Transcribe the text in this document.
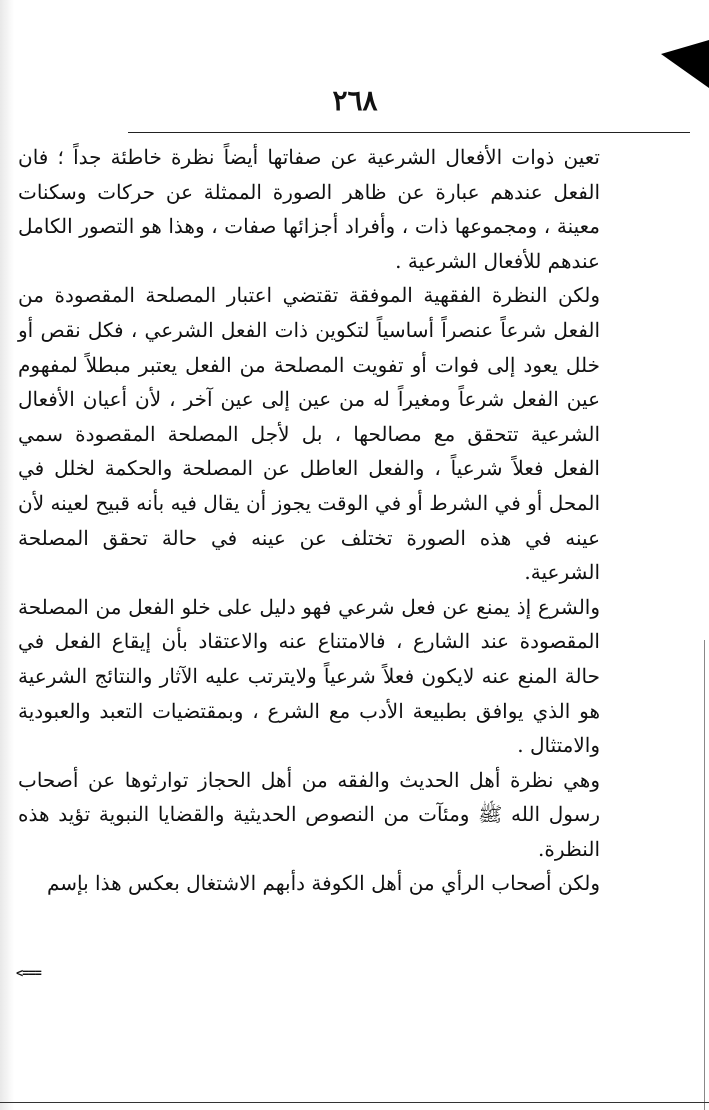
٢٦٨

تعين ذوات الأفعال الشرعية عن صفاتها أيضاً نظرة خاطئة جداً ؛ فان الفعل عندهم عبارة عن ظاهر الصورة الممثلة عن حركات وسكنات معينة ، ومجموعها ذات ، وأفراد أجزائها صفات ، وهذا هو التصور الكامل عندهم للأفعال الشرعية .

ولكن النظرة الفقهية الموفقة تقتضي اعتبار المصلحة المقصودة من الفعل شرعاً عنصراً أساسياً لتكوين ذات الفعل الشرعي ، فكل نقص أو خلل يعود إلى فوات أو تفويت المصلحة من الفعل يعتبر مبطلاً لمفهوم عين الفعل شرعاً ومغيراً له من عين إلى عين آخر ، لأن أعيان الأفعال الشرعية تتحقق مع مصالحها ، بل لأجل المصلحة المقصودة سمي الفعل فعلاً شرعياً ، والفعل العاطل عن المصلحة والحكمة لخلل في المحل أو في الشرط أو في الوقت يجوز أن يقال فيه بأنه قبيح لعينه لأن عينه في هذه الصورة تختلف عن عينه في حالة تحقق المصلحة الشرعية.

والشرع إذ يمنع عن فعل شرعي فهو دليل على خلو الفعل من المصلحة المقصودة عند الشارع ، فالامتناع عنه والاعتقاد بأن إيقاع الفعل في حالة المنع عنه لايكون فعلاً شرعياً ولايترتب عليه الآثار والنتائج الشرعية هو الذي يوافق بطبيعة الأدب مع الشرع ، وبمقتضيات التعبد والعبودية والامتثال .

وهي نظرة أهل الحديث والفقه من أهل الحجاز توارثوها عن أصحاب رسول الله ﷺ ومئآت من النصوص الحديثية والقضايا النبوية تؤيد هذه النظرة.

ولكن أصحاب الرأي من أهل الكوفة دأبهم الاشتغال بعكس هذا بإسم

<===
